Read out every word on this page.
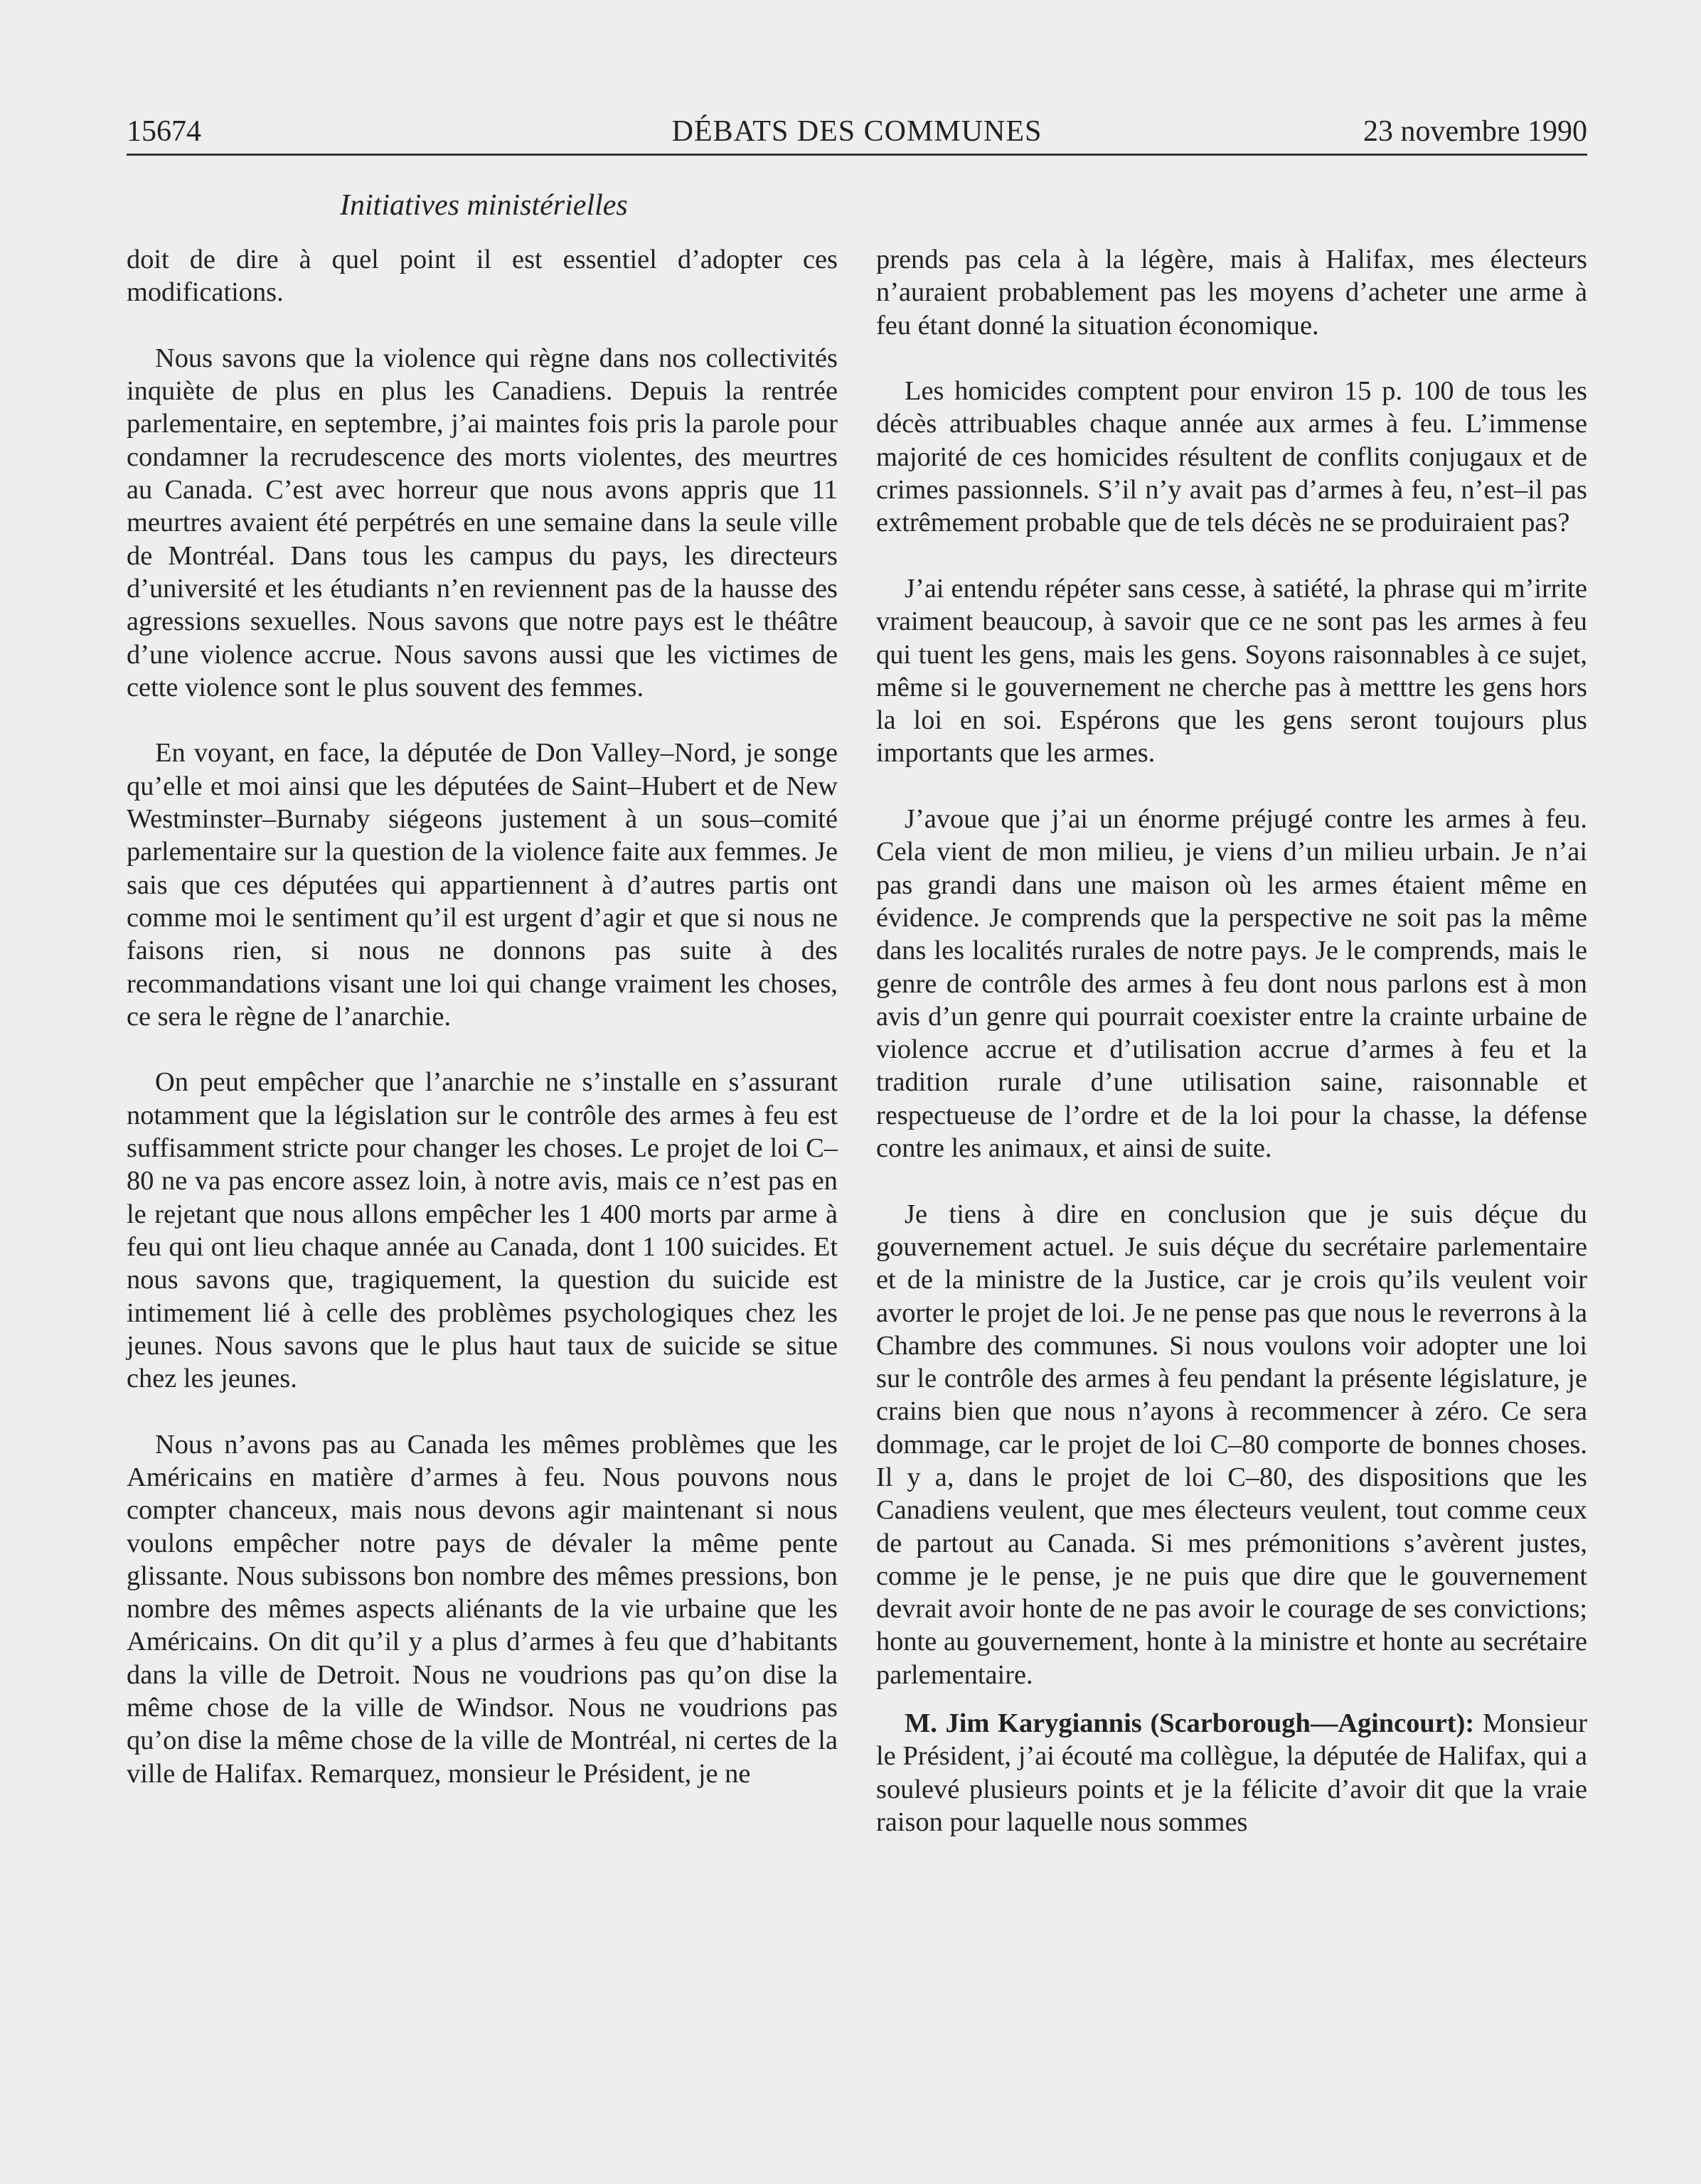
15674	DÉBATS DES COMMUNES	23 novembre 1990
Initiatives ministérielles

doit de dire à quel point il est essentiel d’adopter ces modifications.

Nous savons que la violence qui règne dans nos collectivités inquiète de plus en plus les Canadiens. Depuis la rentrée parlementaire, en septembre, j’ai maintes fois pris la parole pour condamner la recrudescence des morts violentes, des meurtres au Canada. C’est avec horreur que nous avons appris que 11 meurtres avaient été perpétrés en une semaine dans la seule ville de Montréal. Dans tous les campus du pays, les directeurs d’université et les étudiants n’en reviennent pas de la hausse des agressions sexuelles. Nous savons que notre pays est le théâtre d’une violence accrue. Nous savons aussi que les victimes de cette violence sont le plus souvent des femmes.

En voyant, en face, la députée de Don Valley–Nord, je songe qu’elle et moi ainsi que les députées de Saint–Hubert et de New Westminster–Burnaby siégeons justement à un sous–comité parlementaire sur la question de la violence faite aux femmes. Je sais que ces députées qui appartiennent à d’autres partis ont comme moi le sentiment qu’il est urgent d’agir et que si nous ne faisons rien, si nous ne donnons pas suite à des recommandations visant une loi qui change vraiment les choses, ce sera le règne de l’anarchie.

On peut empêcher que l’anarchie ne s’installe en s’assurant notamment que la législation sur le contrôle des armes à feu est suffisamment stricte pour changer les choses. Le projet de loi C–80 ne va pas encore assez loin, à notre avis, mais ce n’est pas en le rejetant que nous allons empêcher les 1 400 morts par arme à feu qui ont lieu chaque année au Canada, dont 1 100 suicides. Et nous savons que, tragiquement, la question du suicide est intimement lié à celle des problèmes psychologiques chez les jeunes. Nous savons que le plus haut taux de suicide se situe chez les jeunes.

Nous n’avons pas au Canada les mêmes problèmes que les Américains en matière d’armes à feu. Nous pouvons nous compter chanceux, mais nous devons agir maintenant si nous voulons empêcher notre pays de dévaler la même pente glissante. Nous subissons bon nombre des mêmes pressions, bon nombre des mêmes aspects aliénants de la vie urbaine que les Américains. On dit qu’il y a plus d’armes à feu que d’habitants dans la ville de Detroit. Nous ne voudrions pas qu’on dise la même chose de la ville de Windsor. Nous ne voudrions pas qu’on dise la même chose de la ville de Montréal, ni certes de la ville de Halifax. Remarquez, monsieur le Président, je ne

prends pas cela à la légère, mais à Halifax, mes électeurs n’auraient probablement pas les moyens d’acheter une arme à feu étant donné la situation économique.

Les homicides comptent pour environ 15 p. 100 de tous les décès attribuables chaque année aux armes à feu. L’immense majorité de ces homicides résultent de conflits conjugaux et de crimes passionnels. S’il n’y avait pas d’armes à feu, n’est–il pas extrêmement probable que de tels décès ne se produiraient pas?

J’ai entendu répéter sans cesse, à satiété, la phrase qui m’irrite vraiment beaucoup, à savoir que ce ne sont pas les armes à feu qui tuent les gens, mais les gens. Soyons raisonnables à ce sujet, même si le gouvernement ne cherche pas à metttre les gens hors la loi en soi. Espérons que les gens seront toujours plus importants que les armes.

J’avoue que j’ai un énorme préjugé contre les armes à feu. Cela vient de mon milieu, je viens d’un milieu urbain. Je n’ai pas grandi dans une maison où les armes étaient même en évidence. Je comprends que la perspective ne soit pas la même dans les localités rurales de notre pays. Je le comprends, mais le genre de contrôle des armes à feu dont nous parlons est à mon avis d’un genre qui pourrait coexister entre la crainte urbaine de violence accrue et d’utilisation accrue d’armes à feu et la tradition rurale d’une utilisation saine, raisonnable et respectueuse de l’ordre et de la loi pour la chasse, la défense contre les animaux, et ainsi de suite.

Je tiens à dire en conclusion que je suis déçue du gouvernement actuel. Je suis déçue du secrétaire parlementaire et de la ministre de la Justice, car je crois qu’ils veulent voir avorter le projet de loi. Je ne pense pas que nous le reverrons à la Chambre des communes. Si nous voulons voir adopter une loi sur le contrôle des armes à feu pendant la présente législature, je crains bien que nous n’ayons à recommencer à zéro. Ce sera dommage, car le projet de loi C–80 comporte de bonnes choses. Il y a, dans le projet de loi C–80, des dispositions que les Canadiens veulent, que mes électeurs veulent, tout comme ceux de partout au Canada. Si mes prémonitions s’avèrent justes, comme je le pense, je ne puis que dire que le gouvernement devrait avoir honte de ne pas avoir le courage de ses convictions; honte au gouvernement, honte à la ministre et honte au secrétaire parlementaire.

M. Jim Karygiannis (Scarborough—Agincourt): Monsieur le Président, j’ai écouté ma collègue, la députée de Halifax, qui a soulevé plusieurs points et je la félicite d’avoir dit que la vraie raison pour laquelle nous sommes
